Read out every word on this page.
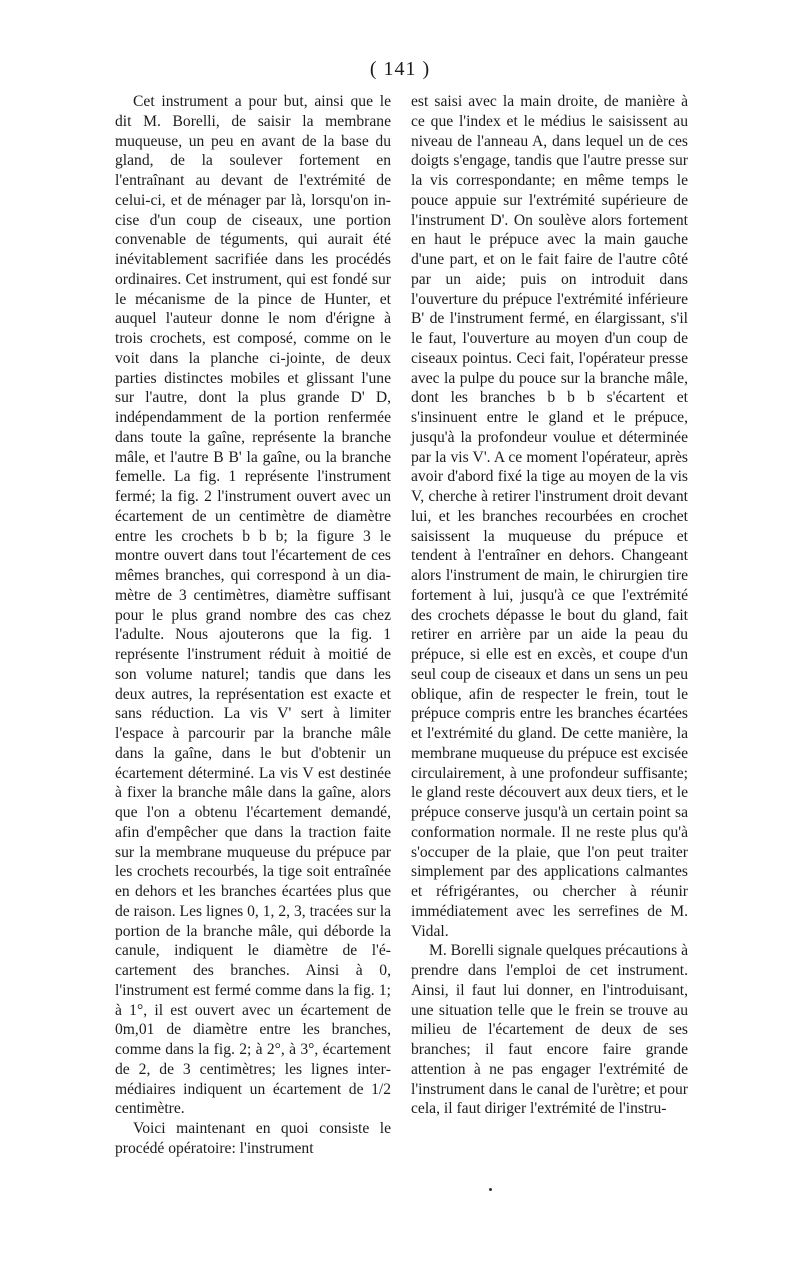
( 141 )

Cet instrument a pour but, ainsi que le dit M. Borelli, de saisir la membrane muqueuse, un peu en avant de la base du gland, de la soulever fortement en l'entraînant au devant de l'extrémité de celui-ci, et de ménager par là, lorsqu'on incise d'un coup de ciseaux, une portion convenable de téguments, qui aurait été inévitablement sacrifiée dans les procédés ordinaires. Cet instrument, qui est fondé sur le mécanisme de la pince de Hunter, et auquel l'auteur donne le nom d'érigne à trois crochets, est composé, comme on le voit dans la planche ci-jointe, de deux parties distinctes mobiles et glissant l'une sur l'autre, dont la plus grande D' D, indépendamment de la portion renfermée dans toute la gaîne, représente la branche mâle, et l'autre B B' la gaîne, ou la branche femelle. La fig. 1 représente l'instrument fermé; la fig. 2 l'instrument ouvert avec un écartement de un centimètre de diamètre entre les crochets b b b; la figure 3 le montre ouvert dans tout l'écartement de ces mêmes branches, qui correspond à un diamètre de 3 centimètres, diamètre suffisant pour le plus grand nombre des cas chez l'adulte. Nous ajouterons que la fig. 1 représente l'instrument réduit à moitié de son volume naturel; tandis que dans les deux autres, la représentation est exacte et sans réduction. La vis V' sert à limiter l'espace à parcourir par la branche mâle dans la gaîne, dans le but d'obtenir un écartement déterminé. La vis V est destinée à fixer la branche mâle dans la gaîne, alors que l'on a obtenu l'écartement demandé, afin d'empêcher que dans la traction faite sur la membrane muqueuse du prépuce par les crochets recourbés, la tige soit entraînée en dehors et les branches écartées plus que de raison. Les lignes 0, 1, 2, 3, tracées sur la portion de la branche mâle, qui déborde la canule, indiquent le diamètre de l'écartement des branches. Ainsi à 0, l'instrument est fermé comme dans la fig. 1; à 1°, il est ouvert avec un écartement de 0m,01 de diamètre entre les branches, comme dans la fig. 2; à 2°, à 3°, écartement de 2, de 3 centimètres; les lignes intermédiaires indiquent un écartement de 1/2 centimètre.

Voici maintenant en quoi consiste le procédé opératoire: l'instrument

est saisi avec la main droite, de manière à ce que l'index et le médius le saisissent au niveau de l'anneau A, dans lequel un de ces doigts s'engage, tandis que l'autre presse sur la vis correspondante; en même temps le pouce appuie sur l'extrémité supérieure de l'instrument D'. On soulève alors fortement en haut le prépuce avec la main gauche d'une part, et on le fait faire de l'autre côté par un aide; puis on introduit dans l'ouverture du prépuce l'extrémité inférieure B' de l'instrument fermé, en élargissant, s'il le faut, l'ouverture au moyen d'un coup de ciseaux pointus. Ceci fait, l'opérateur presse avec la pulpe du pouce sur la branche mâle, dont les branches b b b s'écartent et s'insinuent entre le gland et le prépuce, jusqu'à la profondeur voulue et déterminée par la vis V'. A ce moment l'opérateur, après avoir d'abord fixé la tige au moyen de la vis V, cherche à retirer l'instrument droit devant lui, et les branches recourbées en crochet saisissent la muqueuse du prépuce et tendent à l'entraîner en dehors. Changeant alors l'instrument de main, le chirurgien tire fortement à lui, jusqu'à ce que l'extrémité des crochets dépasse le bout du gland, fait retirer en arrière par un aide la peau du prépuce, si elle est en excès, et coupe d'un seul coup de ciseaux et dans un sens un peu oblique, afin de respecter le frein, tout le prépuce compris entre les branches écartées et l'extrémité du gland. De cette manière, la membrane muqueuse du prépuce est excisée circulairement, à une profondeur suffisante; le gland reste découvert aux deux tiers, et le prépuce conserve jusqu'à un certain point sa conformation normale. Il ne reste plus qu'à s'occuper de la plaie, que l'on peut traiter simplement par des applications calmantes et réfrigérantes, ou chercher à réunir immédiatement avec les serrefines de M. Vidal.

M. Borelli signale quelques précautions à prendre dans l'emploi de cet instrument. Ainsi, il faut lui donner, en l'introduisant, une situation telle que le frein se trouve au milieu de l'écartement de deux de ses branches; il faut encore faire grande attention à ne pas engager l'extrémité de l'instrument dans le canal de l'urètre; et pour cela, il faut diriger l'extrémité de l'instru-
